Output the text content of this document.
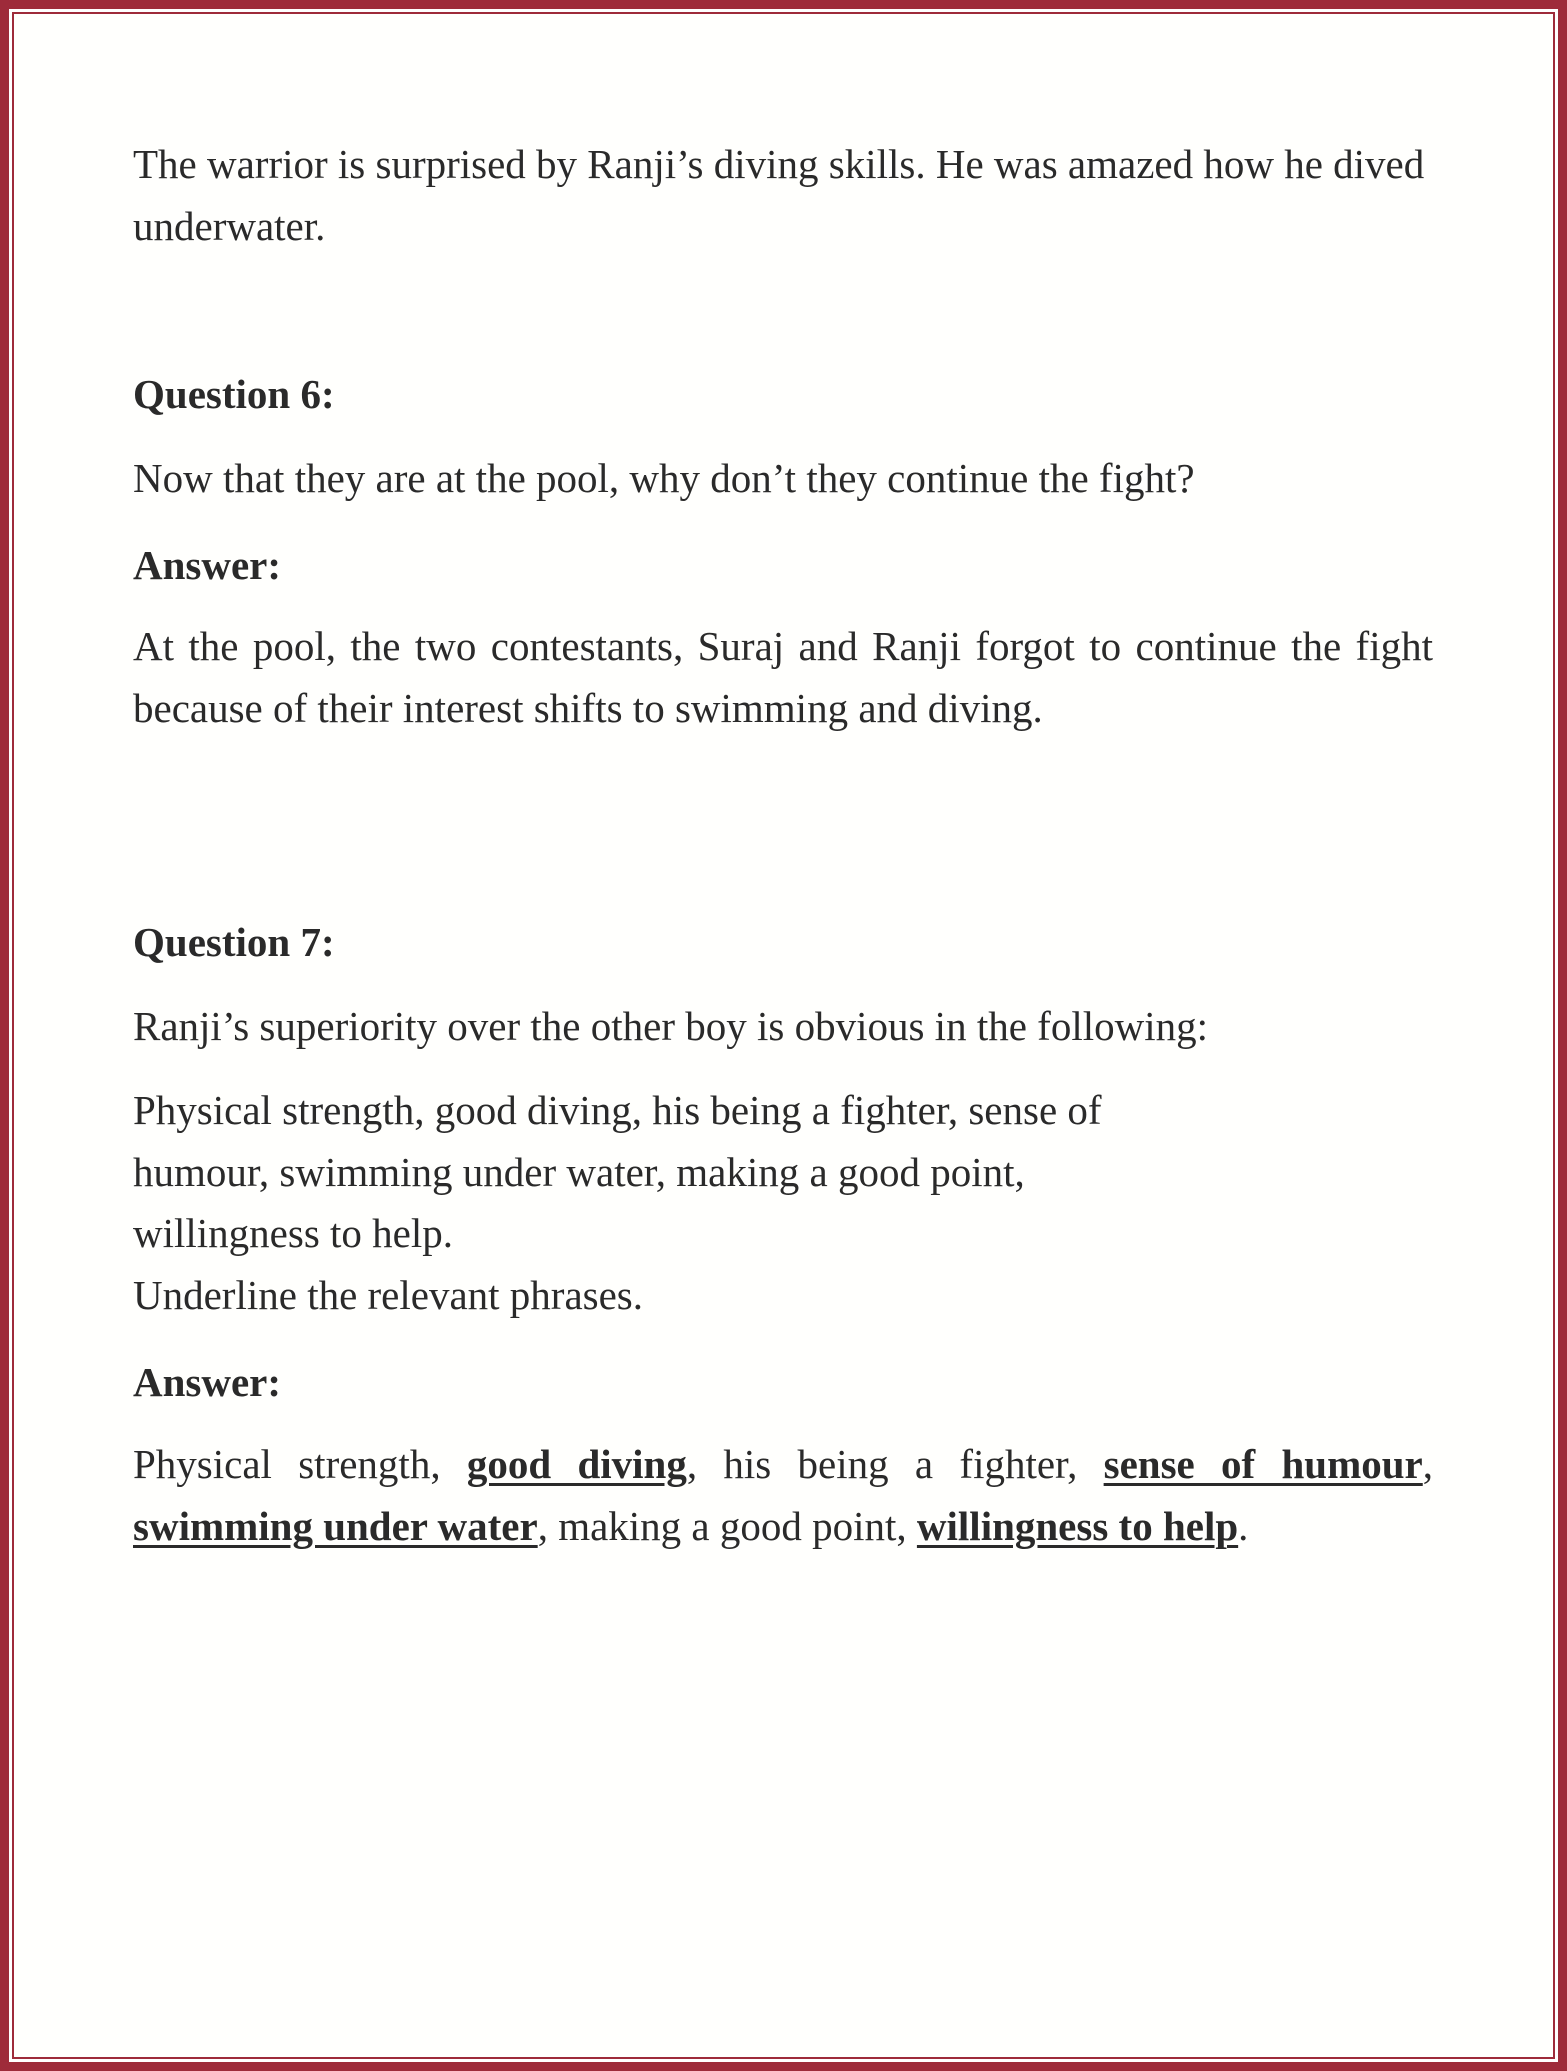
The warrior is surprised by Ranji’s diving skills. He was amazed how he dived underwater.

Question 6:

Now that they are at the pool, why don’t they continue the fight?

Answer:

At the pool, the two contestants, Suraj and Ranji forgot to continue the fight because of their interest shifts to swimming and diving.

Question 7:

Ranji’s superiority over the other boy is obvious in the following:

Physical strength, good diving, his being a fighter, sense of
humour, swimming under water, making a good point,
willingness to help.
Underline the relevant phrases.

Answer:

Physical strength, good diving, his being a fighter, sense of humour, swimming under water, making a good point, willingness to help.
